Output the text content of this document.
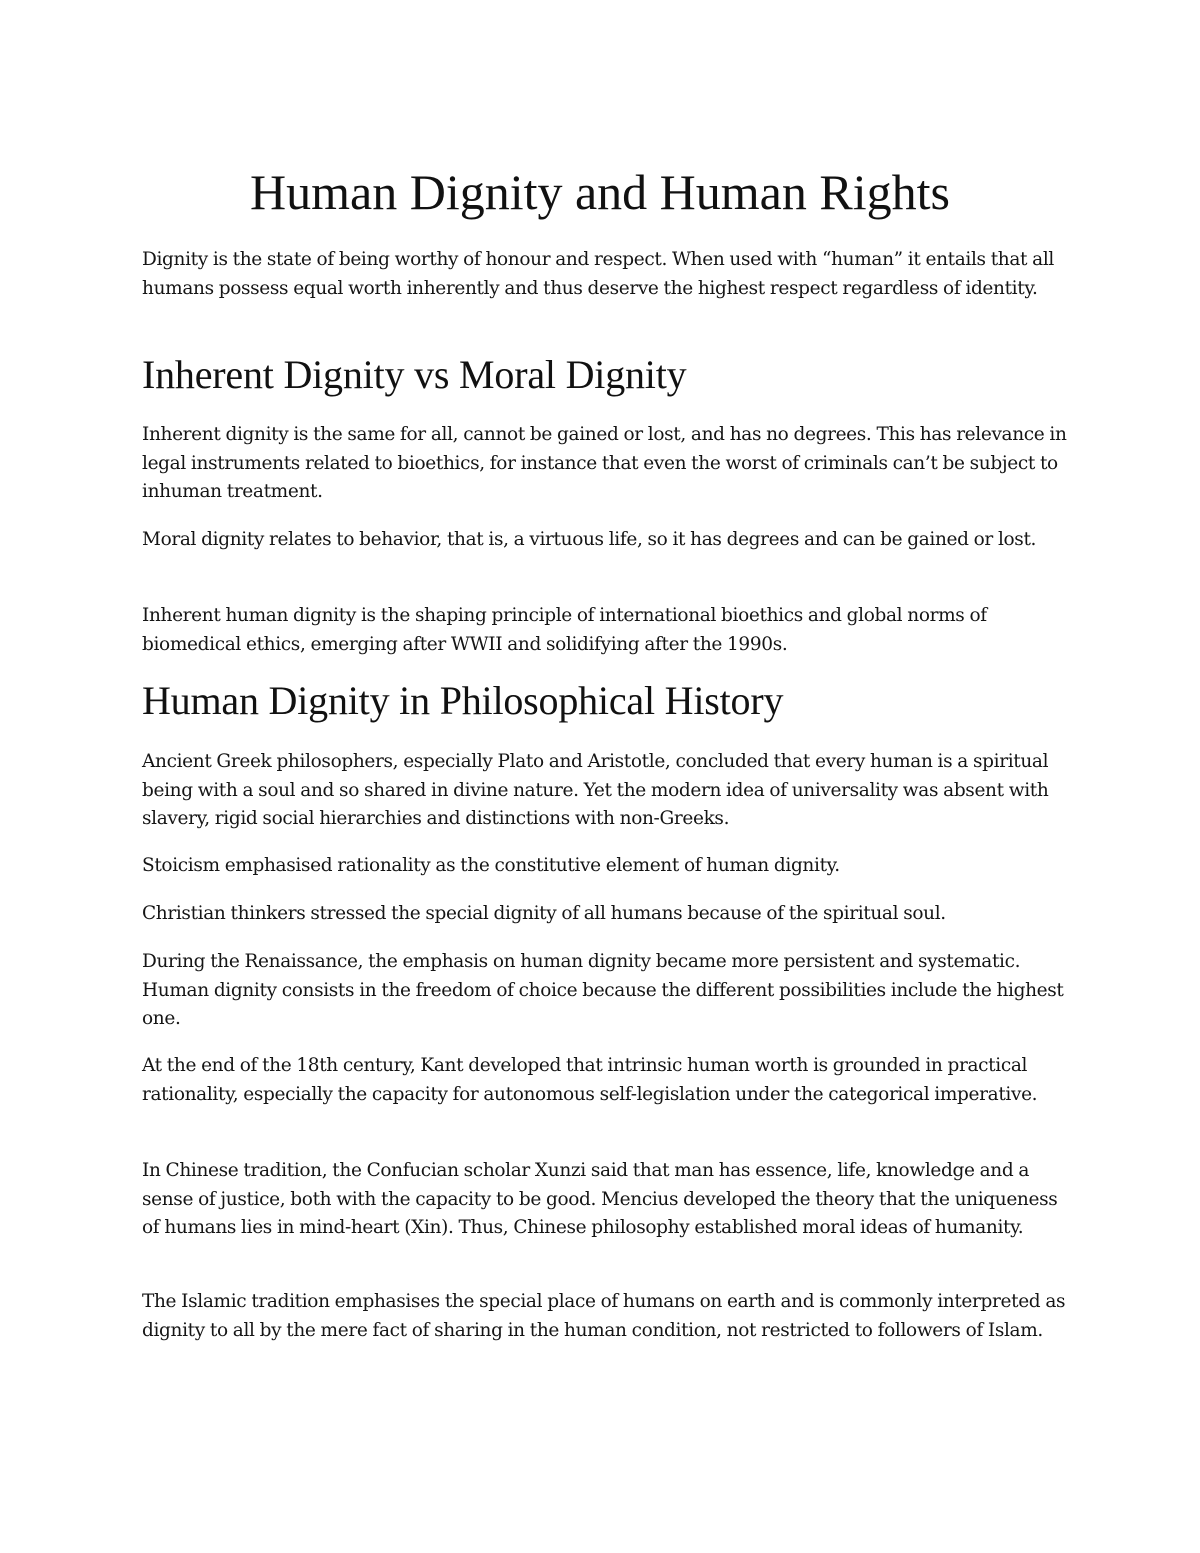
Human Dignity and Human Rights

Dignity is the state of being worthy of honour and respect. When used with “human” it entails that all humans possess equal worth inherently and thus deserve the highest respect regardless of identity.

Inherent Dignity vs Moral Dignity

Inherent dignity is the same for all, cannot be gained or lost, and has no degrees. This has relevance in legal instruments related to bioethics, for instance that even the worst of criminals can’t be subject to inhuman treatment.

Moral dignity relates to behavior, that is, a virtuous life, so it has degrees and can be gained or lost.

Inherent human dignity is the shaping principle of international bioethics and global norms of biomedical ethics, emerging after WWII and solidifying after the 1990s.

Human Dignity in Philosophical History

Ancient Greek philosophers, especially Plato and Aristotle, concluded that every human is a spiritual being with a soul and so shared in divine nature. Yet the modern idea of universality was absent with slavery, rigid social hierarchies and distinctions with non-Greeks.

Stoicism emphasised rationality as the constitutive element of human dignity.

Christian thinkers stressed the special dignity of all humans because of the spiritual soul.

During the Renaissance, the emphasis on human dignity became more persistent and systematic. Human dignity consists in the freedom of choice because the different possibilities include the highest one.

At the end of the 18th century, Kant developed that intrinsic human worth is grounded in practical rationality, especially the capacity for autonomous self-legislation under the categorical imperative.

In Chinese tradition, the Confucian scholar Xunzi said that man has essence, life, knowledge and a sense of justice, both with the capacity to be good. Mencius developed the theory that the uniqueness of humans lies in mind-heart (Xin). Thus, Chinese philosophy established moral ideas of humanity.

The Islamic tradition emphasises the special place of humans on earth and is commonly interpreted as dignity to all by the mere fact of sharing in the human condition, not restricted to followers of Islam.
